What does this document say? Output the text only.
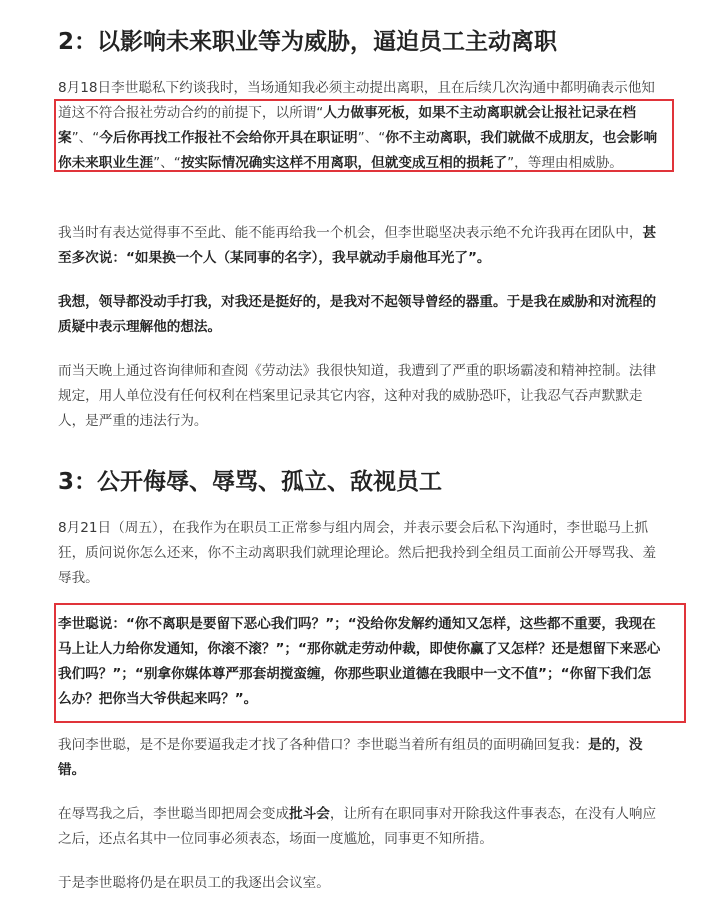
2：以影响未来职业等为威胁，逼迫员工主动离职

8月18日李世聪私下约谈我时，当场通知我必须主动提出离职，且在后续几次沟通中都明确表示他知道这不符合报社劳动合约的前提下，以所谓“人力做事死板，如果不主动离职就会让报社记录在档案”、“今后你再找工作报社不会给你开具在职证明”、“你不主动离职，我们就做不成朋友，也会影响你未来职业生涯”、“按实际情况确实这样不用离职，但就变成互相的损耗了”，等理由相威胁。

我当时有表达觉得事不至此、能不能再给我一个机会，但李世聪坚决表示绝不允许我再在团队中，甚至多次说：“如果换一个人（某同事的名字），我早就动手扇他耳光了”。

我想，领导都没动手打我，对我还是挺好的，是我对不起领导曾经的器重。于是我在威胁和对流程的质疑中表示理解他的想法。

而当天晚上通过咨询律师和查阅《劳动法》我很快知道，我遭到了严重的职场霸凌和精神控制。法律规定，用人单位没有任何权利在档案里记录其它内容，这种对我的威胁恐吓，让我忍气吞声默默走人，是严重的违法行为。

3：公开侮辱、辱骂、孤立、敌视员工

8月21日（周五），在我作为在职员工正常参与组内周会，并表示要会后私下沟通时，李世聪马上抓狂，质问说你怎么还来，你不主动离职我们就理论理论。然后把我拎到全组员工面前公开辱骂我、羞辱我。

李世聪说：“你不离职是要留下恶心我们吗？”；“没给你发解约通知又怎样，这些都不重要，我现在马上让人力给你发通知，你滚不滚？”；“那你就走劳动仲裁，即使你赢了又怎样？还是想留下来恶心我们吗？”；“别拿你媒体尊严那套胡搅蛮缠，你那些职业道德在我眼中一文不值”；“你留下我们怎么办？把你当大爷供起来吗？”。

我问李世聪，是不是你要逼我走才找了各种借口？李世聪当着所有组员的面明确回复我：是的，没错。

在辱骂我之后，李世聪当即把周会变成批斗会，让所有在职同事对开除我这件事表态，在没有人响应之后，还点名其中一位同事必须表态，场面一度尴尬，同事更不知所措。

于是李世聪将仍是在职员工的我逐出会议室。
